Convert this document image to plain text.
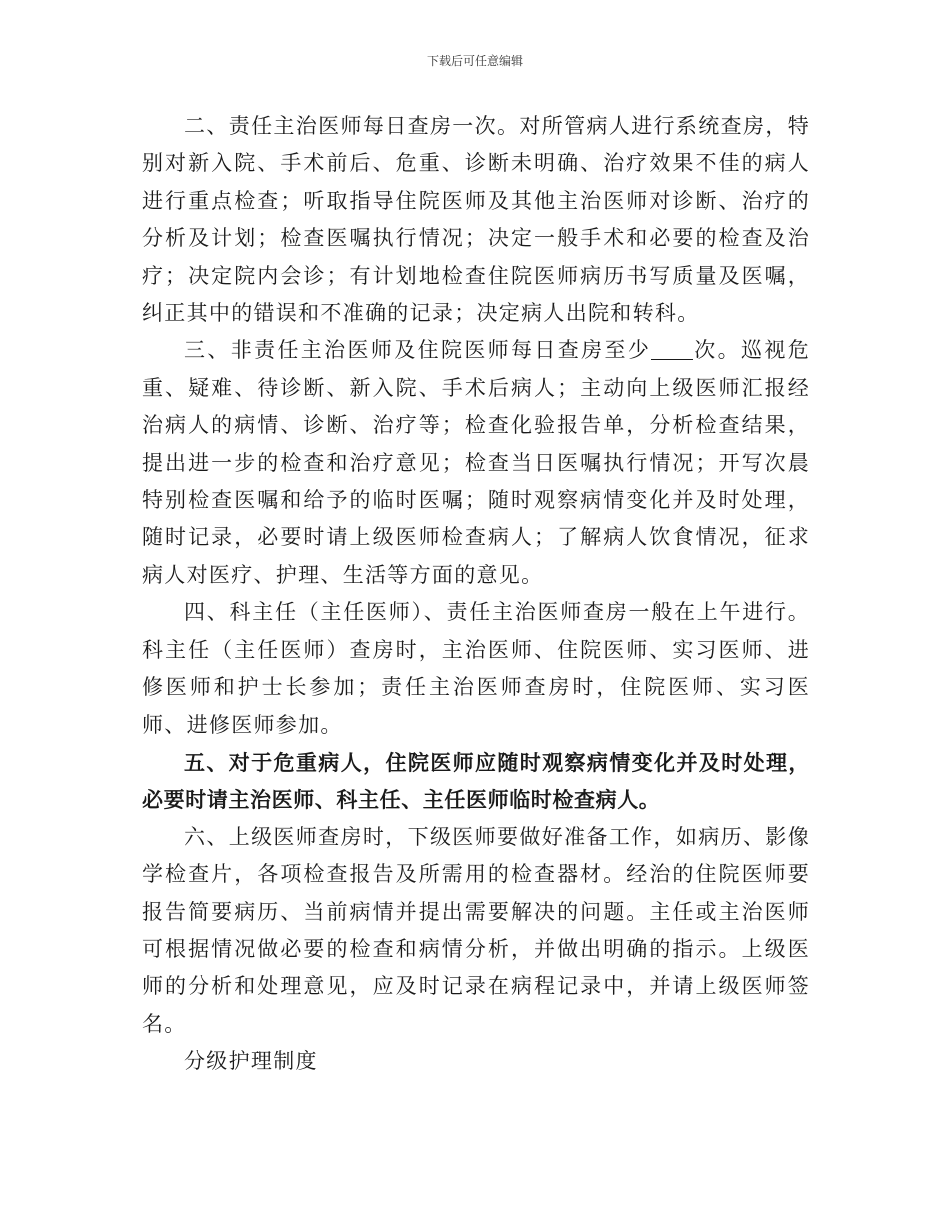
下载后可任意编辑

二、责任主治医师每日查房一次。对所管病人进行系统查房，特别对新入院、手术前后、危重、诊断未明确、治疗效果不佳的病人进行重点检查；听取指导住院医师及其他主治医师对诊断、治疗的分析及计划；检查医嘱执行情况；决定一般手术和必要的检查及治疗；决定院内会诊；有计划地检查住院医师病历书写质量及医嘱，纠正其中的错误和不准确的记录；决定病人出院和转科。

三、非责任主治医师及住院医师每日查房至少 次。巡视危重、疑难、待诊断、新入院、手术后病人；主动向上级医师汇报经治病人的病情、诊断、治疗等；检查化验报告单，分析检查结果，提出进一步的检查和治疗意见；检查当日医嘱执行情况；开写次晨特别检查医嘱和给予的临时医嘱；随时观察病情变化并及时处理，随时记录，必要时请上级医师检查病人；了解病人饮食情况，征求病人对医疗、护理、生活等方面的意见。

四、科主任（主任医师）、责任主治医师查房一般在上午进行。科主任（主任医师）查房时，主治医师、住院医师、实习医师、进修医师和护士长参加；责任主治医师查房时，住院医师、实习医师、进修医师参加。

五、对于危重病人，住院医师应随时观察病情变化并及时处理，必要时请主治医师、科主任、主任医师临时检查病人。

六、上级医师查房时，下级医师要做好准备工作，如病历、影像学检查片，各项检查报告及所需用的检查器材。经治的住院医师要报告简要病历、当前病情并提出需要解决的问题。主任或主治医师可根据情况做必要的检查和病情分析，并做出明确的指示。上级医师的分析和处理意见，应及时记录在病程记录中，并请上级医师签名。

分级护理制度
